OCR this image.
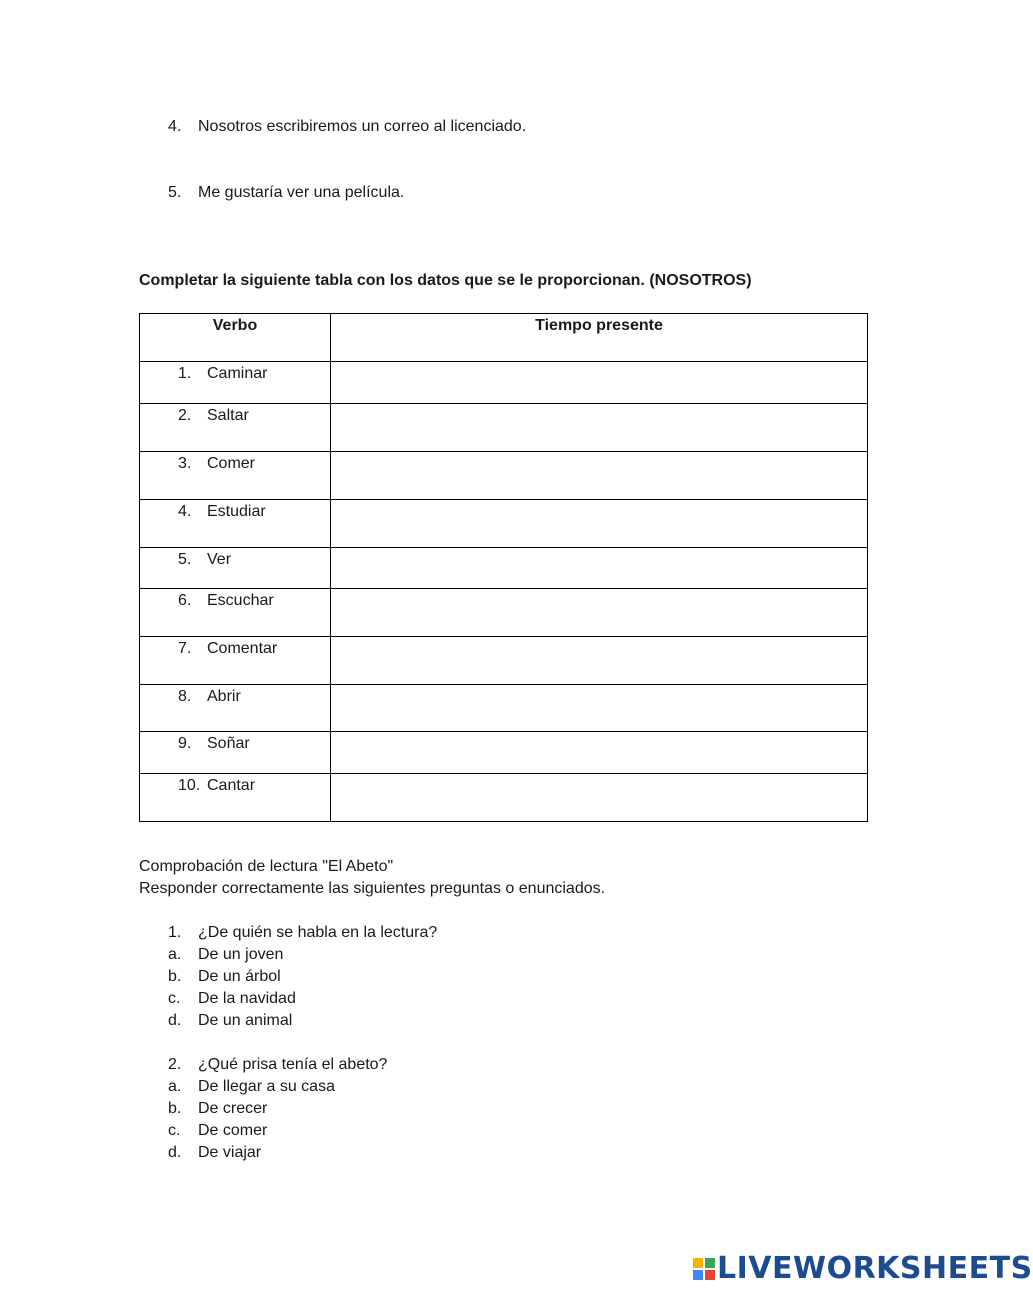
4.	Nosotros escribiremos un correo al licenciado.
5.	Me gustaría ver una película.
Completar la siguiente tabla con los datos que se le proporcionan. (NOSOTROS)
Verbo	Tiempo presente

1. Caminar	

2. Saltar	

3. Comer	

4. Estudiar	

5. Ver	

6. Escuchar	

7. Comentar	

8. Abrir	

9. Soñar	

10. Cantar	

Comprobación de lectura "El Abeto"
Responder correctamente las siguientes preguntas o enunciados.
1.	¿De quién se habla en la lectura?
a.	De un joven
b.	De un árbol
c.	De la navidad
d.	De un animal
2.	¿Qué prisa tenía el abeto?
a.	De llegar a su casa
b.	De crecer
c.	De comer
d.	De viajar
LIVEWORKSHEETS
